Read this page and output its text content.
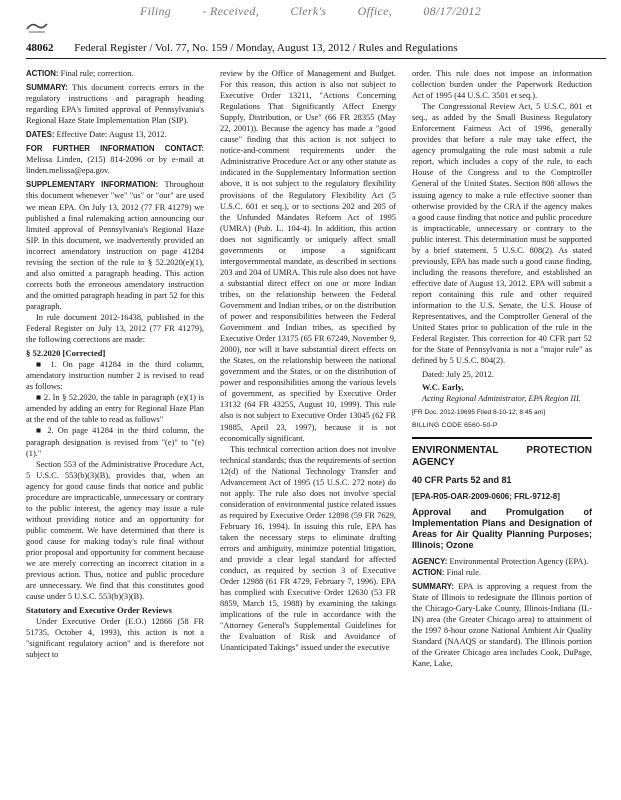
Filing	- Received,	Clerk's	Office,	08/17/2012
48062 Federal Register / Vol. 77, No. 159 / Monday, August 13, 2012 / Rules and Regulations

ACTION: Final rule; correction.

SUMMARY: This document corrects errors in the regulatory instructions and paragraph heading regarding EPA's limited approval of Pennsylvania's Regional Haze State Implementation Plan (SIP).

DATES: Effective Date: August 13, 2012.

FOR FURTHER INFORMATION CONTACT: Melissa Linden, (215) 814-2096 or by e-mail at linden.melissa@epa.gov.

SUPPLEMENTARY INFORMATION: Throughout this document whenever "we" "us" or "our" are used we mean EPA. On July 13, 2012 (77 FR 41279) we published a final rulemaking action announcing our limited approval of Pennsylvania's Regional Haze SIP. In this document, we inadvertently provided an incorrect amendatory instruction on page 41284 revising the section of the rule to § 52.2020(e)(1), and also omitted a paragraph heading. This action corrects both the erroneous amendatory instruction and the omitted paragraph heading in part 52 for this paragraph.

In rule document 2012-16438, published in the Federal Register on July 13, 2012 (77 FR 41279), the following corrections are made:

§ 52.2020 [Corrected]

■ 1. On page 41284 in the third column, amendatory instruction number 2 is revised to read as follows:

■ 2. In § 52.2020, the table in paragraph (e)(1) is amended by adding an entry for Regional Haze Plan at the end of the table to read as follows"

■ 2. On page 41284 in the third column, the paragraph designation is revised from "(e)" to "(e)(1)."

Section 553 of the Administrative Procedure Act, 5 U.S.C. 553(b)(3)(B), provides that, when an agency for good cause finds that notice and public procedure are impracticable, unnecessary or contrary to the public interest, the agency may issue a rule without providing notice and an opportunity for public comment. We have determined that there is good cause for making today's rule final without prior proposal and opportunity for comment because we are merely correcting an incorrect citation in a previous action. Thus, notice and public procedure are unnecessary. We find that this constitutes good cause under 5 U.S.C. 553(b)(3)(B).

Statutory and Executive Order Reviews

Under Executive Order (E.O.) 12866 (58 FR 51735, October 4, 1993), this action is not a "significant regulatory action" and is therefore not subject to

review by the Office of Management and Budget. For this reason, this action is also not subject to Executive Order 13211, "Actions Concerning Regulations That Significantly Affect Energy Supply, Distribution, or Use" (66 FR 28355 (May 22, 2001)). Because the agency has made a "good cause" finding that this action is not subject to notice-and-comment requirements under the Administrative Procedure Act or any other statute as indicated in the Supplementary Information section above, it is not subject to the regulatory flexibility provisions of the Regulatory Flexibility Act (5 U.S.C. 601 et seq.), or to sections 202 and 205 of the Unfunded Mandates Reform Act of 1995 (UMRA) (Pub. L. 104-4). In addition, this action does not significantly or uniquely affect small governments or impose a significant intergovernmental mandate, as described in sections 203 and 204 of UMRA. This rule also does not have a substantial direct effect on one or more Indian tribes, on the relationship between the Federal Government and Indian tribes, or on the distribution of power and responsibilities between the Federal Government and Indian tribes, as specified by Executive Order 13175 (65 FR 67249, November 9, 2000), nor will it have substantial direct effects on the States, on the relationship between the national government and the States, or on the distribution of power and responsibilities among the various levels of government, as specified by Executive Order 13132 (64 FR 43255, August 10, 1999). This rule also is not subject to Executive Order 13045 (62 FR 19885, April 23, 1997), because it is not economically significant.

This technical correction action does not involve technical standards; thus the requirements of section 12(d) of the National Technology Transfer and Advancement Act of 1995 (15 U.S.C. 272 note) do not apply. The rule also does not involve special consideration of environmental justice related issues as required by Executive Order 12898 (59 FR 7629, February 16, 1994). In issuing this rule, EPA has taken the necessary steps to eliminate drafting errors and ambiguity, minimize potential litigation, and provide a clear legal standard for affected conduct, as required by section 3 of Executive Order 12988 (61 FR 4729, February 7, 1996). EPA has complied with Executive Order 12630 (53 FR 8859, March 15, 1988) by examining the takings implications of the rule in accordance with the "Attorney General's Supplemental Guidelines for the Evaluation of Risk and Avoidance of Unanticipated Takings" issued under the executive

order. This rule does not impose an information collection burden under the Paperwork Reduction Act of 1995 (44 U.S.C. 3501 et seq.).

The Congressional Review Act, 5 U.S.C. 801 et seq., as added by the Small Business Regulatory Enforcement Fairness Act of 1996, generally provides that before a rule may take effect, the agency promulgating the rule must submit a rule report, which includes a copy of the rule, to each House of the Congress and to the Comptroller General of the United States. Section 808 allows the issuing agency to make a rule effective sooner than otherwise provided by the CRA if the agency makes a good cause finding that notice and public procedure is impracticable, unnecessary or contrary to the public interest. This determination must be supported by a brief statement. 5 U.S.C. 808(2). As stated previously, EPA has made such a good cause finding, including the reasons therefore, and established an effective date of August 13, 2012. EPA will submit a report containing this rule and other required information to the U.S. Senate, the U.S. House of Representatives, and the Comptroller General of the United States prior to publication of the rule in the Federal Register. This correction for 40 CFR part 52 for the State of Pennsylvania is not a "major rule" as defined by 5 U.S.C. 804(2).

Dated: July 25, 2012.

W.C. Early,

Acting Regional Administrator, EPA Region III.

[FR Doc. 2012-19695 Filed 8-10-12; 8:45 am]

BILLING CODE 6560-50-P

ENVIRONMENTAL PROTECTION AGENCY

40 CFR Parts 52 and 81

[EPA-R05-OAR-2009-0606; FRL-9712-8]

Approval and Promulgation of Implementation Plans and Designation of Areas for Air Quality Planning Purposes; Illinois; Ozone

AGENCY: Environmental Protection Agency (EPA).

ACTION: Final rule.

SUMMARY: EPA is approving a request from the State of Illinois to redesignate the Illinois portion of the Chicago-Gary-Lake County, Illinois-Indiana (IL-IN) area (the Greater Chicago area) to attainment of the 1997 8-hour ozone National Ambient Air Quality Standard (NAAQS or standard). The Illinois portion of the Greater Chicago area includes Cook, DuPage, Kane, Lake,
